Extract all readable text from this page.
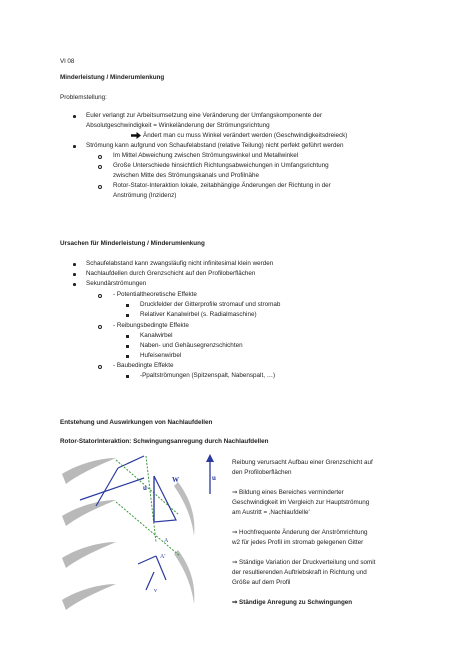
Vl 08
Minderleistung / Minderumlenkung
Problemstellung:
Euler verlangt zur Arbeitsumsetzung eine Veränderung der Umfangskomponente der
Absolutgeschwindigkeit = Winkeländerung der Strömungsrichtung
Ändert man cu muss Winkel verändert werden (Geschwindigkeitsdreieck)
Strömung kann aufgrund von Schaufelabstand (relative Teilung) nicht perfekt geführt werden
Im Mittel Abweichung zwischen Strömungswinkel und Metallwinkel
Große Unterschiede hinsichtlich Richtungsabweichungen in Umfangsrichtung
zwischen Mitte des Strömungskanals und Profilnähe
Rotor-Stator-Interaktion lokale, zeitabhängige Änderungen der Richtung in der
Anströmung (Inzidenz)
Ursachen für Minderleistung / Minderumlenkung
Schaufelabstand kann zwangsläufig nicht infinitesimal klein werden
Nachlaufdellen durch Grenzschicht auf den Profiloberflächen
Sekundärströmungen
- Potentialtheoretische Effekte
Druckfelder der Gitterprofile stromauf und stromab
Relativer Kanalwirbel (s. Radialmaschine)
- Reibungsbedingte Effekte
Kanalwirbel
Naben- und Gehäusegrenzschichten
Hufeisenwirbel
- Baubedingte Effekte
-Ppaltströmungen (Spitzenspalt, Nabenspalt, …)
Entstehung und Auswirkungen von Nachlaufdellen
Rotor-StatorInteraktion: Schwingungsanregung durch Nachlaufdellen
u
W	u
A
A'
v
Reibung verursacht Aufbau einer Grenzschicht auf
den Profiloberflächen
⇒ Bildung eines Bereiches verminderter
Geschwindigkeit im Vergleich zur Hauptströmung
am Austritt = ‚Nachlaufdelle'
⇒ Hochfrequente Änderung der Anströmrichtung
w2 für jedes Profil im stromab gelegenen Gitter
⇒ Ständige Variation der Druckverteilung und somit
der resultierenden Auftriebskraft in Richtung und
Größe auf dem Profil
⇒ Ständige Anregung zu Schwingungen
